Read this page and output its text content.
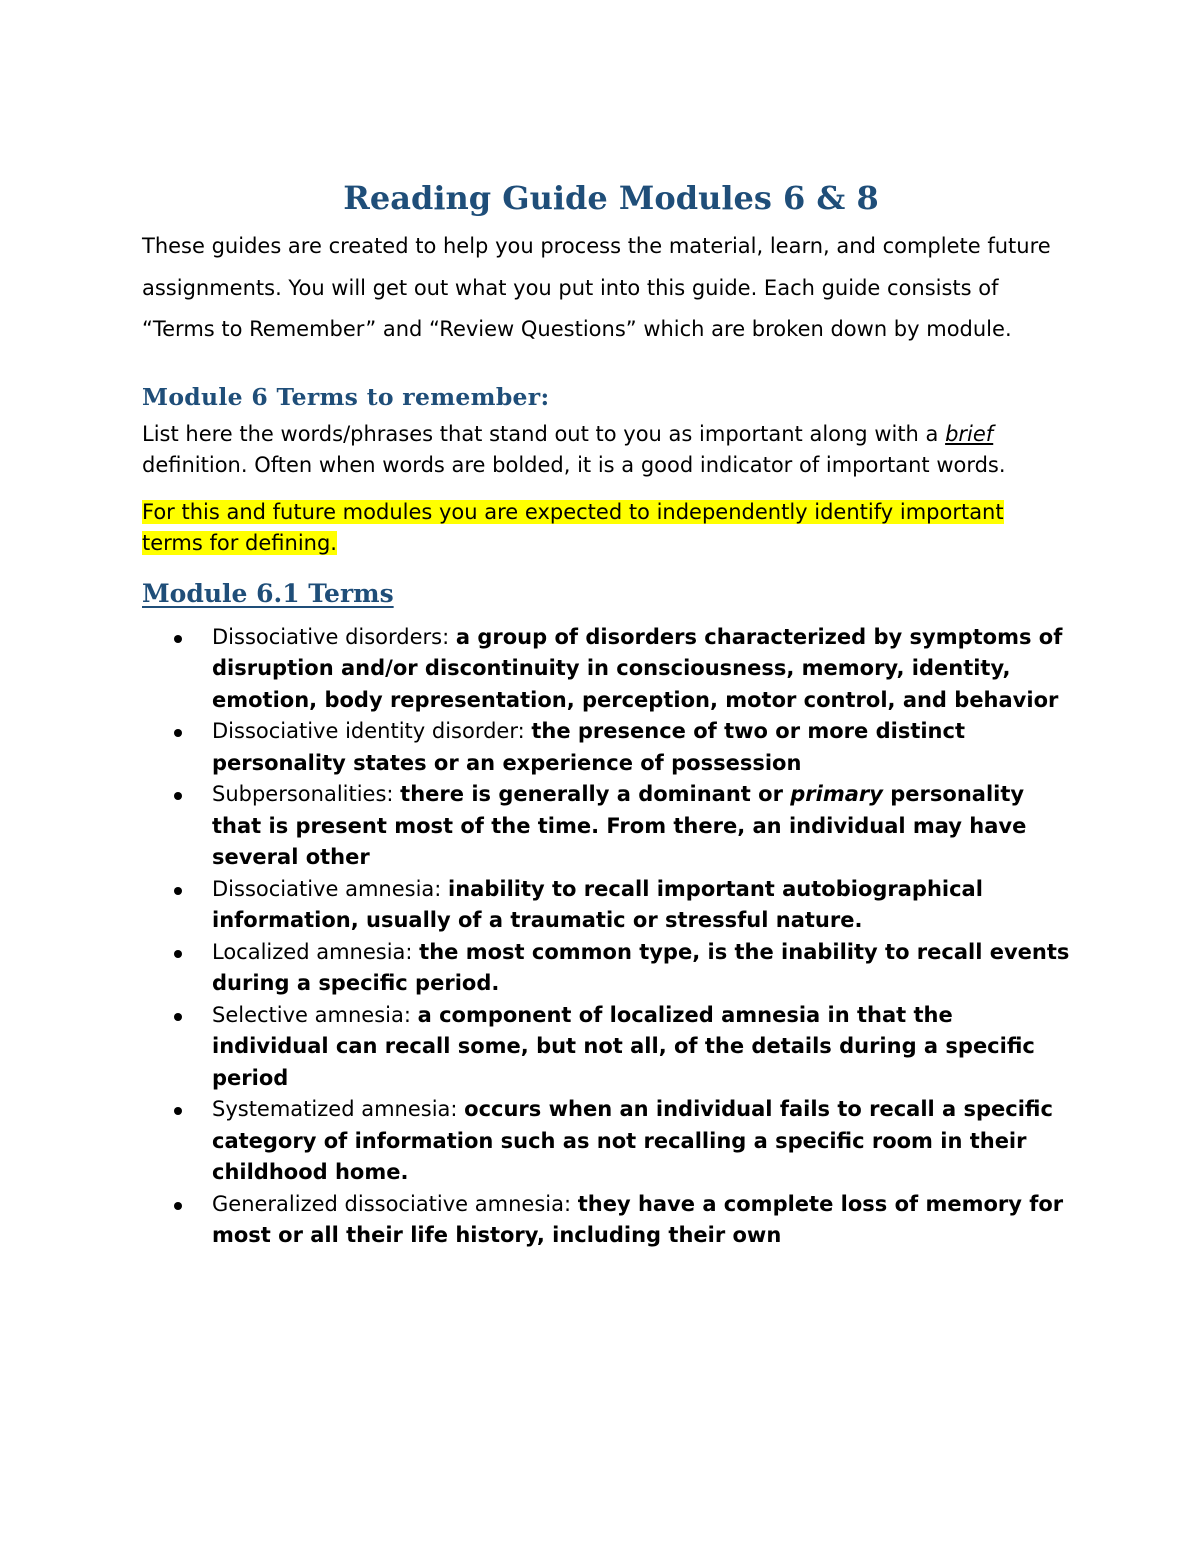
Reading Guide Modules 6 & 8

These guides are created to help you process the material, learn, and complete future assignments. You will get out what you put into this guide. Each guide consists of “Terms to Remember” and “Review Questions” which are broken down by module.

Module 6 Terms to remember:

List here the words/phrases that stand out to you as important along with a brief definition. Often when words are bolded, it is a good indicator of important words.

For this and future modules you are expected to independently identify important terms for defining.

Module 6.1 Terms
Dissociative disorders: a group of disorders characterized by symptoms of disruption and/or discontinuity in consciousness, memory, identity, emotion, body representation, perception, motor control, and behavior
Dissociative identity disorder: the presence of two or more distinct personality states or an experience of possession
Subpersonalities: there is generally a dominant or primary personality that is present most of the time. From there, an individual may have several other
Dissociative amnesia: inability to recall important autobiographical information, usually of a traumatic or stressful nature.
Localized amnesia: the most common type, is the inability to recall events during a specific period.
Selective amnesia: a component of localized amnesia in that the individual can recall some, but not all, of the details during a specific period
Systematized amnesia: occurs when an individual fails to recall a specific category of information such as not recalling a specific room in their childhood home.
Generalized dissociative amnesia: they have a complete loss of memory for most or all their life history, including their own
